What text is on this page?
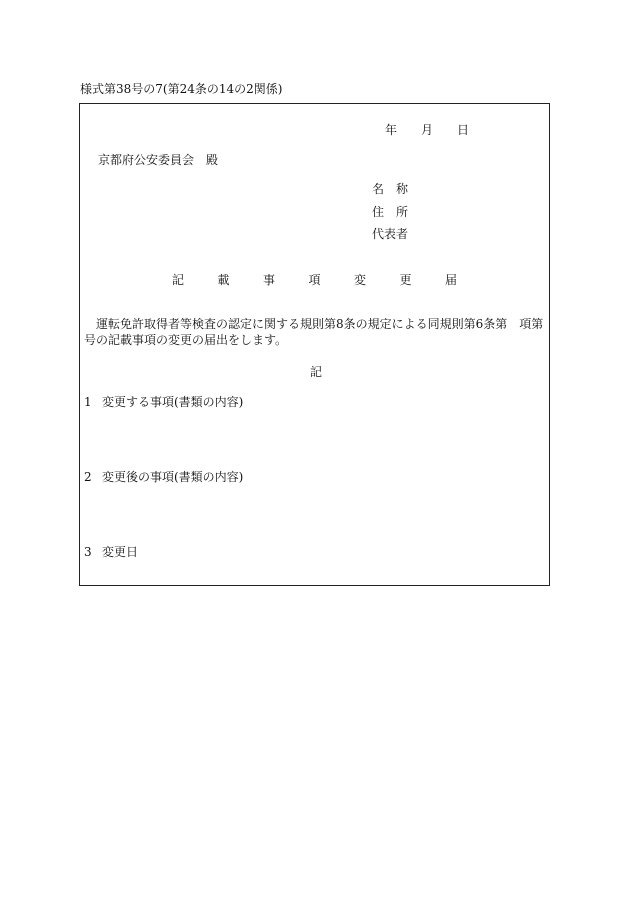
様式第38号の7(第24条の14の2関係)
年 月 日
京都府公安委員会 殿
名 称
住 所
代表者
記	載	事	項	変	更	届
運転免許取得者等検査の認定に関する規則第8条の規定による同規則第6条第　項第
号の記載事項の変更の届出をします。
記
1 変更する事項(書類の内容)
2 変更後の事項(書類の内容)
3 変更日
